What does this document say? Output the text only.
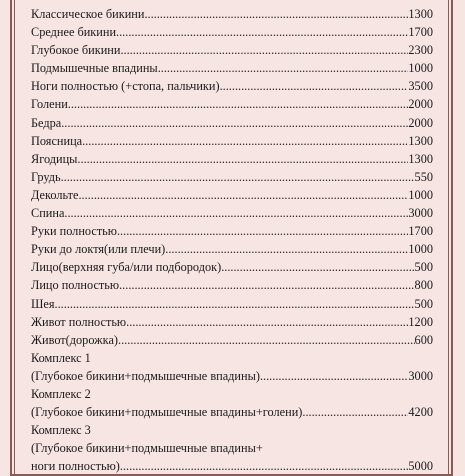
Классическое бикини .....	1300
Среднее бикини .....	1700
Глубокое бикини .....	2300
Подмышечные впадины .....	1000
Ноги полностью (+стопа, пальчики) .....	3500
Голени .....	2000
Бедра .....	2000
Поясница .....	1300
Ягодицы .....	1300
Грудь .....	550
Декольте .....	1000
Спина .....	3000
Руки полностью .....	1700
Руки до локтя(или плечи) .....	1000
Лицо(верхняя губа/или подбородок) .....	500
Лицо полностью .....	800
Шея .....	500
Живот полностью .....	1200
Живот(дорожка) .....	600
Комплекс 1
(Глубокое бикини+подмышечные впадины) .....	3000
Комплекс 2
(Глубокое бикини+подмышечные впадины+голени) .....	4200
Комплекс 3
(Глубокое бикини+подмышечные впадины+
ноги полностью) .....	5000
